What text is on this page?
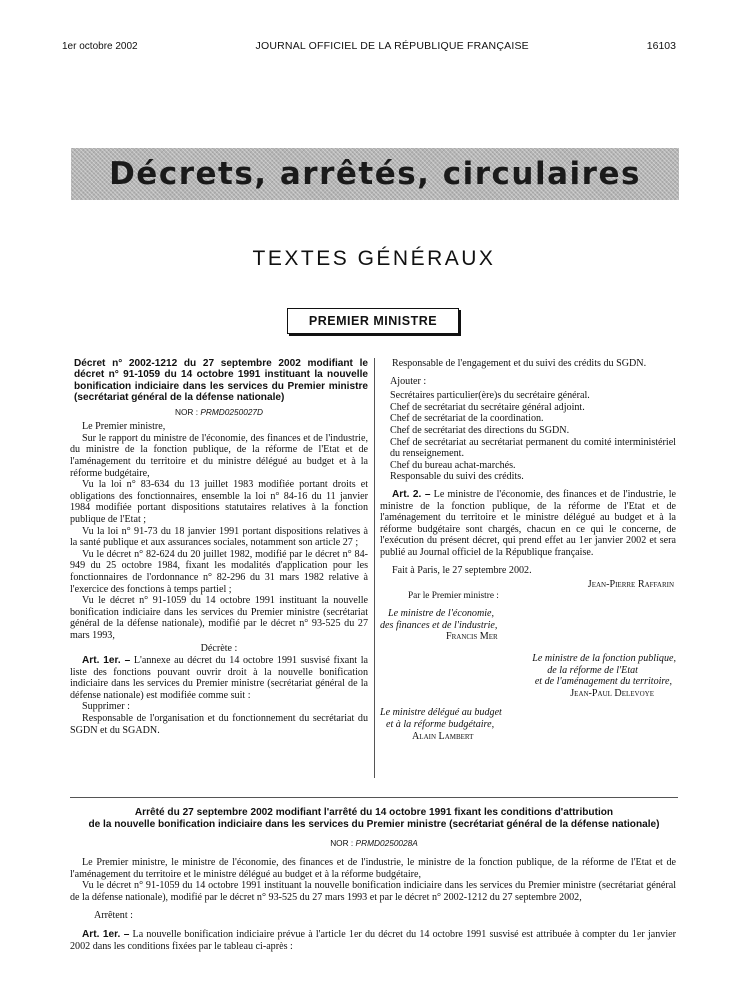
1er octobre 2002	JOURNAL OFFICIEL DE LA RÉPUBLIQUE FRANÇAISE	16103
Décrets, arrêtés, circulaires
TEXTES GÉNÉRAUX
PREMIER MINISTRE
Décret n° 2002-1212 du 27 septembre 2002 modifiant le décret n° 91-1059 du 14 octobre 1991 instituant la nouvelle bonification indiciaire dans les services du Premier ministre (secrétariat général de la défense nationale)
NOR : PRMD0250027D

Le Premier ministre,

Sur le rapport du ministre de l'économie, des finances et de l'industrie, du ministre de la fonction publique, de la réforme de l'Etat et de l'aménagement du territoire et du ministre délégué au budget et à la réforme budgétaire,

Vu la loi n° 83-634 du 13 juillet 1983 modifiée portant droits et obligations des fonctionnaires, ensemble la loi n° 84-16 du 11 janvier 1984 modifiée portant dispositions statutaires relatives à la fonction publique de l'Etat ;

Vu la loi n° 91-73 du 18 janvier 1991 portant dispositions relatives à la santé publique et aux assurances sociales, notamment son article 27 ;

Vu le décret n° 82-624 du 20 juillet 1982, modifié par le décret n° 84-949 du 25 octobre 1984, fixant les modalités d'application pour les fonctionnaires de l'ordonnance n° 82-296 du 31 mars 1982 relative à l'exercice des fonctions à temps partiel ;

Vu le décret n° 91-1059 du 14 octobre 1991 instituant la nouvelle bonification indiciaire dans les services du Premier ministre (secrétariat général de la défense nationale), modifié par le décret n° 93-525 du 27 mars 1993,

Décrète :

Art. 1er. – L'annexe au décret du 14 octobre 1991 susvisé fixant la liste des fonctions pouvant ouvrir droit à la nouvelle bonification indiciaire dans les services du Premier ministre (secrétariat général de la défense nationale) est modifiée comme suit :

Supprimer :

Responsable de l'organisation et du fonctionnement du secrétariat du SGDN et du SGADN.

Responsable de l'engagement et du suivi des crédits du SGDN.

Ajouter :

Secrétaires particulier(ère)s du secrétaire général.

Chef de secrétariat du secrétaire général adjoint.

Chef de secrétariat de la coordination.

Chef de secrétariat des directions du SGDN.

Chef de secrétariat au secrétariat permanent du comité interministériel du renseignement.

Chef du bureau achat-marchés.

Responsable du suivi des crédits.

Art. 2. – Le ministre de l'économie, des finances et de l'industrie, le ministre de la fonction publique, de la réforme de l'Etat et de l'aménagement du territoire et le ministre délégué au budget et à la réforme budgétaire sont chargés, chacun en ce qui le concerne, de l'exécution du présent décret, qui prend effet au 1er janvier 2002 et sera publié au Journal officiel de la République française.

Fait à Paris, le 27 septembre 2002.

Jean-Pierre Raffarin

Par le Premier ministre :

Le ministre de l'économie,

des finances et de l'industrie,

Francis Mer

Le ministre de la fonction publique,

de la réforme de l'Etat

et de l'aménagement du territoire,

Jean-Paul Delevoye

Le ministre délégué au budget

et à la réforme budgétaire,

Alain Lambert

Arrêté du 27 septembre 2002 modifiant l'arrêté du 14 octobre 1991 fixant les conditions d'attribution
de la nouvelle bonification indiciaire dans les services du Premier ministre (secrétariat général de la défense nationale)
NOR : PRMD0250028A

Le Premier ministre, le ministre de l'économie, des finances et de l'industrie, le ministre de la fonction publique, de la réforme de l'Etat et de l'aménagement du territoire et le ministre délégué au budget et à la réforme budgétaire,

Vu le décret n° 91-1059 du 14 octobre 1991 instituant la nouvelle bonification indiciaire dans les services du Premier ministre (secrétariat général de la défense nationale), modifié par le décret n° 93-525 du 27 mars 1993 et par le décret n° 2002-1212 du 27 septembre 2002,

Arrêtent :

Art. 1er. – La nouvelle bonification indiciaire prévue à l'article 1er du décret du 14 octobre 1991 susvisé est attribuée à compter du 1er janvier 2002 dans les conditions fixées par le tableau ci-après :
